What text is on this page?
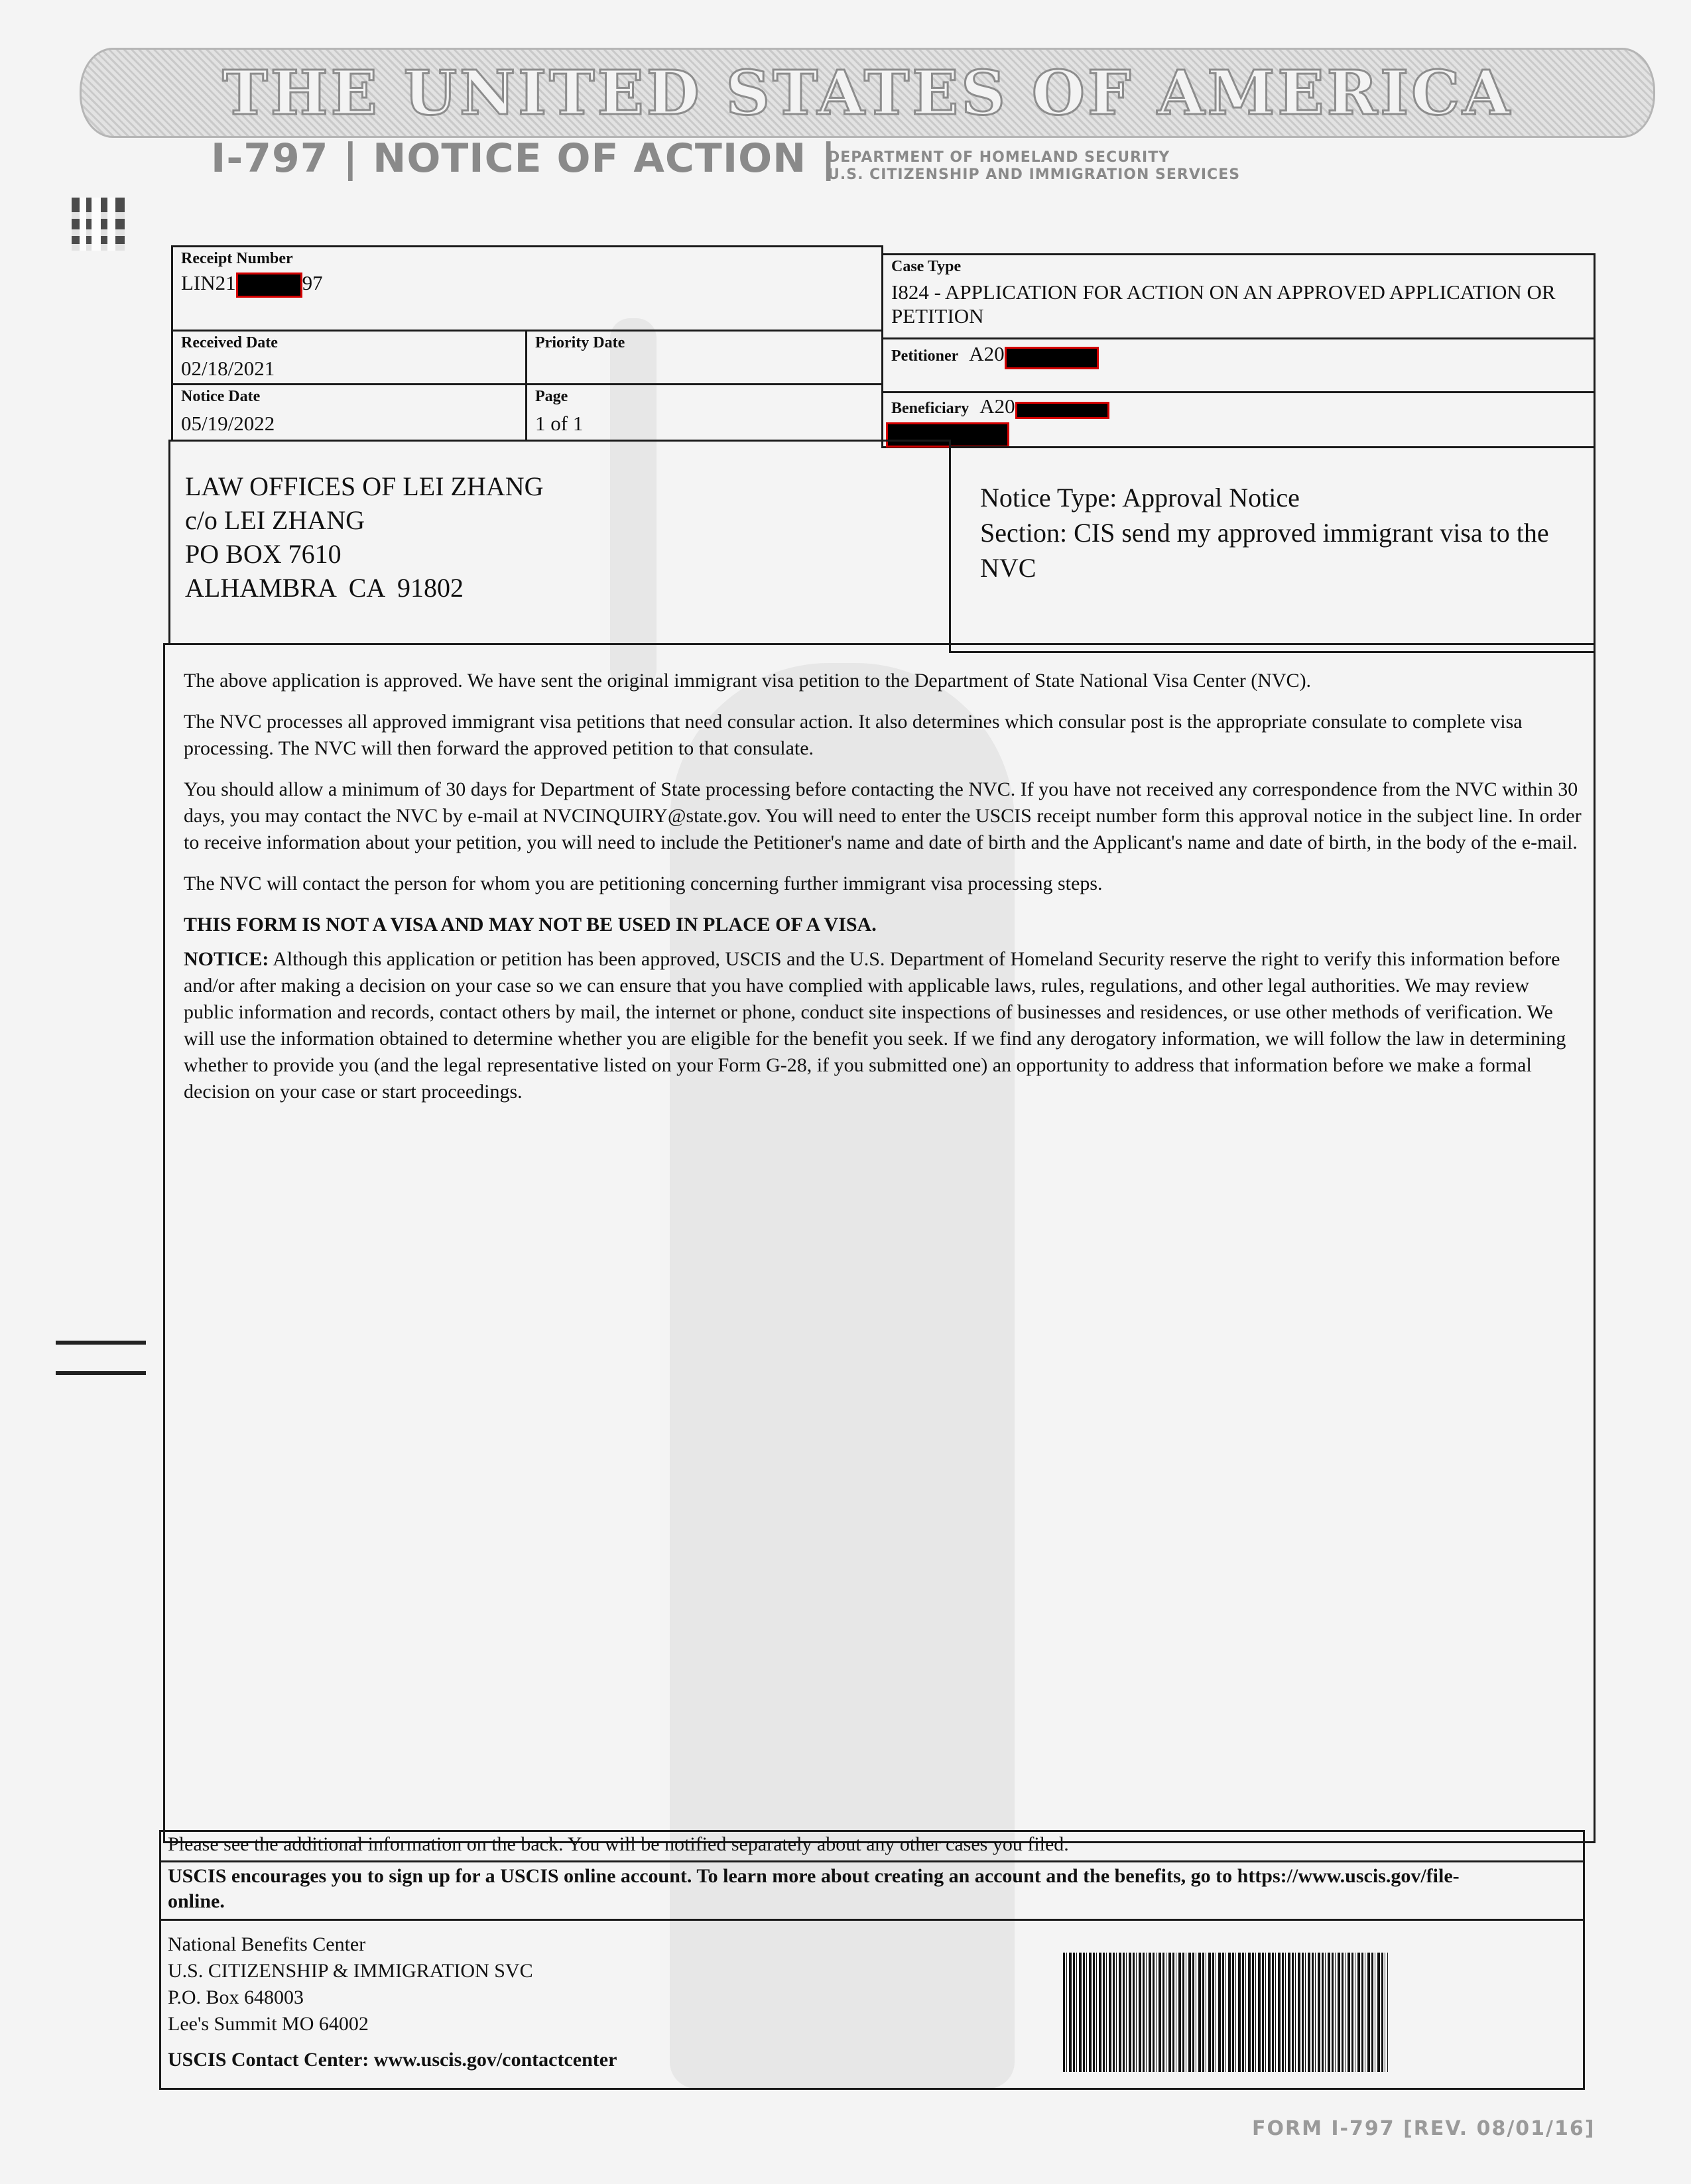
THE UNITED STATES OF AMERICA
I-797 | NOTICE OF ACTION |
DEPARTMENT OF HOMELAND SECURITY
U.S. CITIZENSHIP AND IMMIGRATION SERVICES
Receipt Number
LIN21	97
Case Type
I824 - APPLICATION FOR ACTION ON AN APPROVED APPLICATION OR PETITION
Received Date
02/18/2021
Priority Date
Petitioner A20
Notice Date
05/19/2022
Page
1 of 1
Beneficiary A20
LAW OFFICES OF LEI ZHANG
c/o LEI ZHANG
PO BOX 7610
ALHAMBRA  CA  91802
Notice Type: Approval Notice
Section: CIS send my approved immigrant visa to the NVC

The above application is approved. We have sent the original immigrant visa petition to the Department of State National Visa Center (NVC).

The NVC processes all approved immigrant visa petitions that need consular action. It also determines which consular post is the appropriate consulate to complete visa processing. The NVC will then forward the approved petition to that consulate.

You should allow a minimum of 30 days for Department of State processing before contacting the NVC. If you have not received any correspondence from the NVC within 30 days, you may contact the NVC by e-mail at NVCINQUIRY@state.gov. You will need to enter the USCIS receipt number form this approval notice in the subject line. In order to receive information about your petition, you will need to include the Petitioner's name and date of birth and the Applicant's name and date of birth, in the body of the e-mail.

The NVC will contact the person for whom you are petitioning concerning further immigrant visa processing steps.

THIS FORM IS NOT A VISA AND MAY NOT BE USED IN PLACE OF A VISA.

NOTICE: Although this application or petition has been approved, USCIS and the U.S. Department of Homeland Security reserve the right to verify this information before and/or after making a decision on your case so we can ensure that you have complied with applicable laws, rules, regulations, and other legal authorities. We may review public information and records, contact others by mail, the internet or phone, conduct site inspections of businesses and residences, or use other methods of verification. We will use the information obtained to determine whether you are eligible for the benefit you seek. If we find any derogatory information, we will follow the law in determining whether to provide you (and the legal representative listed on your Form G-28, if you submitted one) an opportunity to address that information before we make a formal decision on your case or start proceedings.

Please see the additional information on the back. You will be notified separately about any other cases you filed.
USCIS encourages you to sign up for a USCIS online account. To learn more about creating an account and the benefits, go to https://www.uscis.gov/file-online.
National Benefits Center
U.S. CITIZENSHIP & IMMIGRATION SVC
P.O. Box 648003
Lee's Summit MO 64002
USCIS Contact Center: www.uscis.gov/contactcenter
FORM I-797 [REV. 08/01/16]
